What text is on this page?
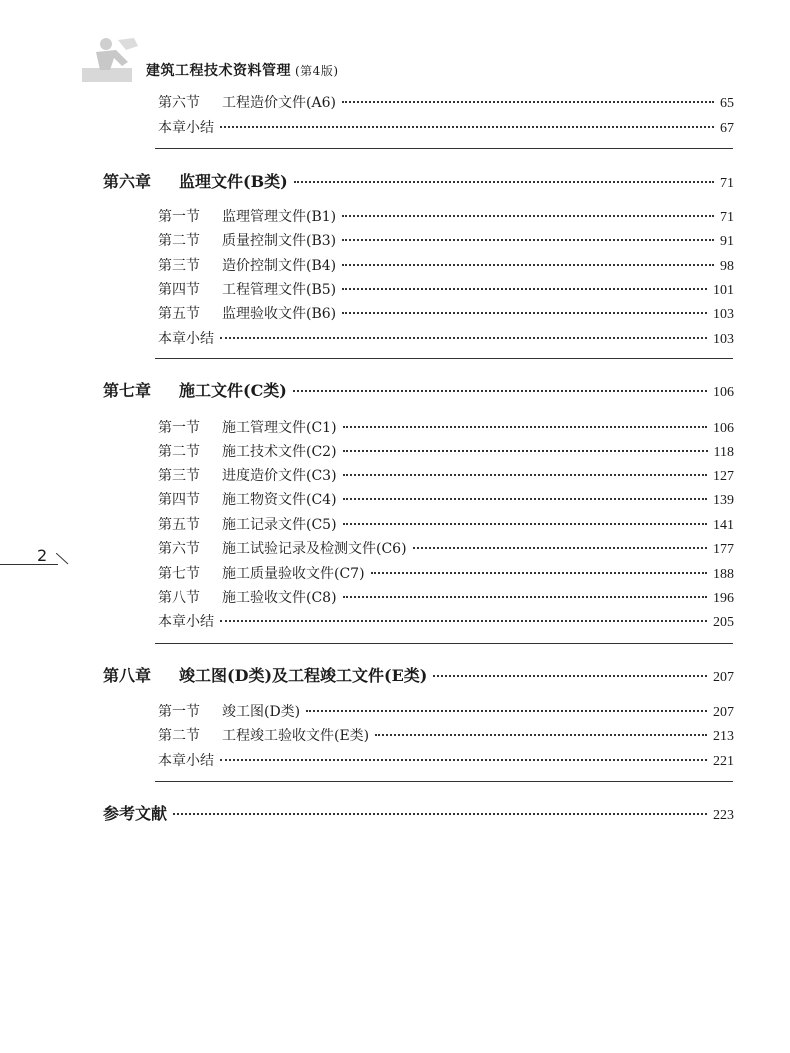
建筑工程技术资料管理 (第4版)
第六节	工程造价文件(A6)	65
本章小结	67
第六章	监理文件(B类)	71
第一节	监理管理文件(B1)	71
第二节	质量控制文件(B3)	91
第三节	造价控制文件(B4)	98
第四节	工程管理文件(B5)	101
第五节	监理验收文件(B6)	103
本章小结	103
第七章	施工文件(C类)	106
第一节	施工管理文件(C1)	106
第二节	施工技术文件(C2)	118
第三节	进度造价文件(C3)	127
第四节	施工物资文件(C4)	139
第五节	施工记录文件(C5)	141
第六节	施工试验记录及检测文件(C6)	177
第七节	施工质量验收文件(C7)	188
第八节	施工验收文件(C8)	196
本章小结	205
第八章	竣工图(D类)及工程竣工文件(E类)	207
第一节	竣工图(D类)	207
第二节	工程竣工验收文件(E类)	213
本章小结	221
参考文献	223
2
